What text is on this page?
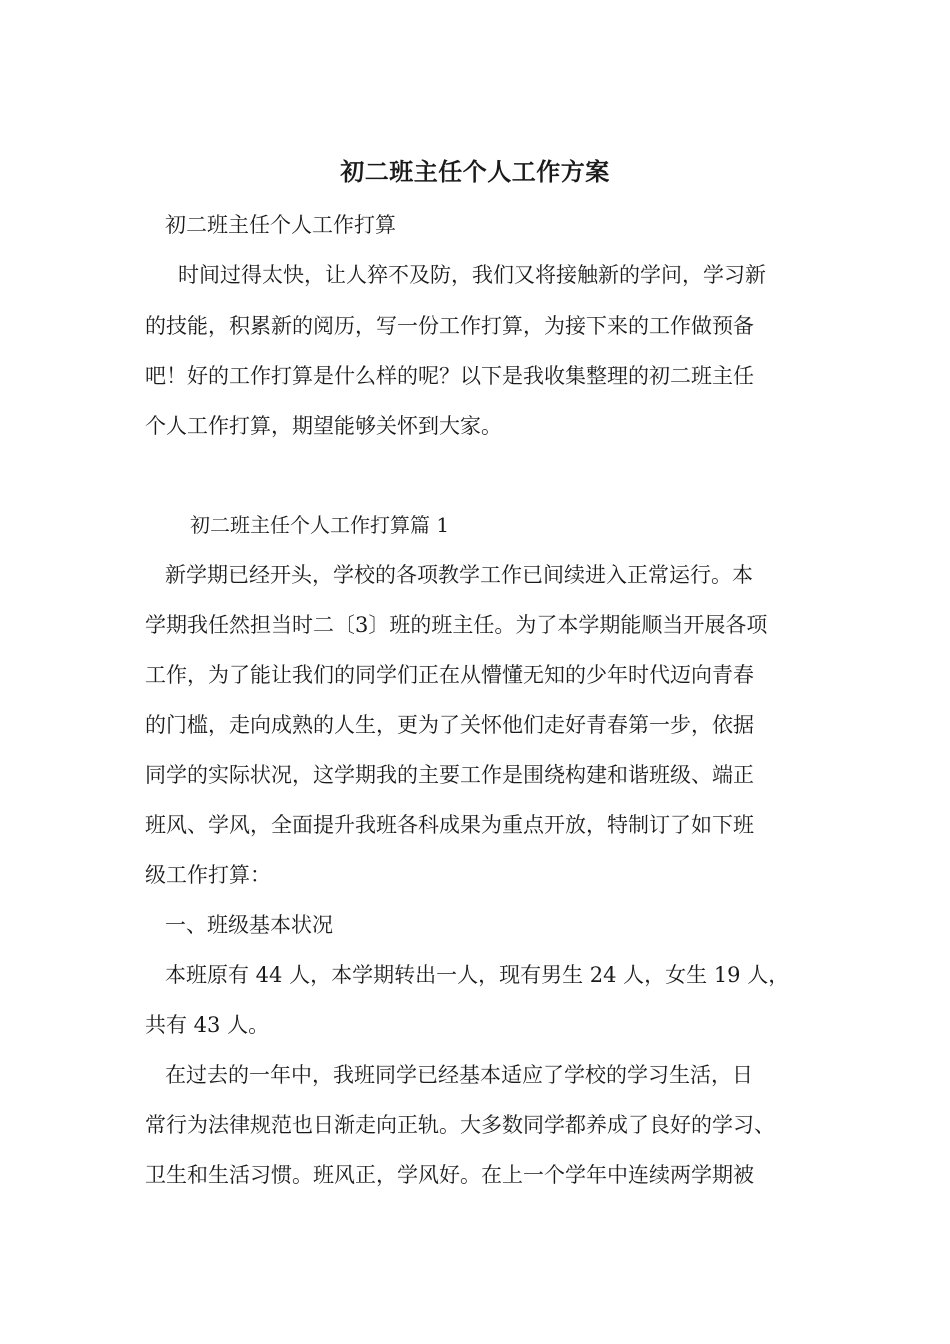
初二班主任个人工作方案
初二班主任个人工作打算
时间过得太快，让人猝不及防，我们又将接触新的学问，学习新
的技能，积累新的阅历，写一份工作打算，为接下来的工作做预备
吧！好的工作打算是什么样的呢？以下是我收集整理的初二班主任
个人工作打算，期望能够关怀到大家。
初二班主任个人工作打算篇 1
新学期已经开头，学校的各项教学工作已间续进入正常运行。本
学期我任然担当时二〔3〕班的班主任。为了本学期能顺当开展各项
工作，为了能让我们的同学们正在从懵懂无知的少年时代迈向青春
的门槛，走向成熟的人生，更为了关怀他们走好青春第一步，依据
同学的实际状况，这学期我的主要工作是围绕构建和谐班级、端正
班风、学风，全面提升我班各科成果为重点开放，特制订了如下班
级工作打算：
一、班级基本状况
本班原有 44 人，本学期转出一人，现有男生 24 人，女生 19 人，
共有 43 人。
在过去的一年中，我班同学已经基本适应了学校的学习生活，日
常行为法律规范也日渐走向正轨。大多数同学都养成了良好的学习、
卫生和生活习惯。班风正，学风好。在上一个学年中连续两学期被
